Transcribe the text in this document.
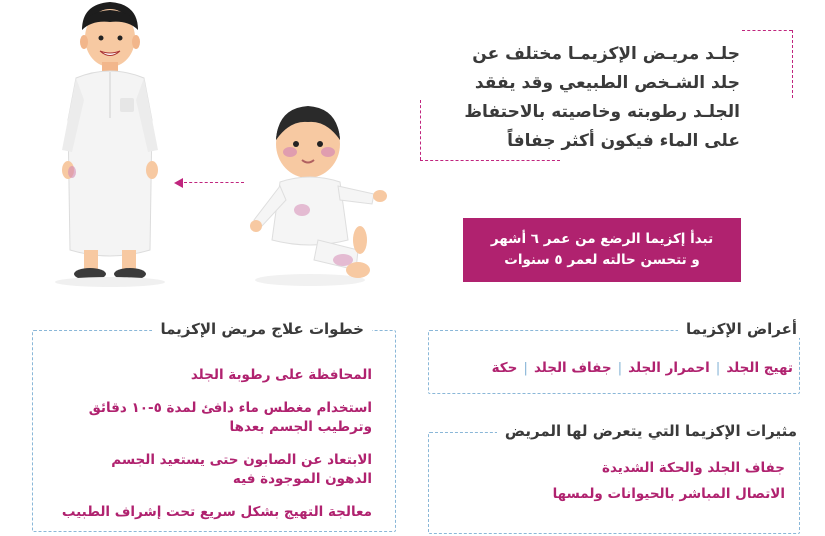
جلـد مريـض الإكزيمـا مختلف عن
جلد الشـخص الطبيعي وقد يفقد
الجلـد رطوبته وخاصيته بالاحتفاظ
على الماء فيكون أكثر جفافاً
تبدأ إكزيما الرضع من عمر ٦ أشهر
و تتحسن حالته لعمر ٥ سنوات
خطوات علاج مريض الإكزيما
المحافظة على رطوبة الجلد
استخدام مغطس ماء دافئ لمدة ٥-١٠ دقائق
وترطيب الجسم بعدها
الابتعاد عن الصابون حتى يستعيد الجسم
الدهون الموجودة فيه
معالجة التهيج بشكل سريع تحت إشراف الطبيب
أعراض الإكزيما
تهيج الجلد|احمرار الجلد|جفاف الجلد|حكة
مثيرات الإكزيما التي يتعرض لها المريض
جفاف الجلد والحكة الشديدة
الاتصال المباشر بالحيوانات ولمسها
